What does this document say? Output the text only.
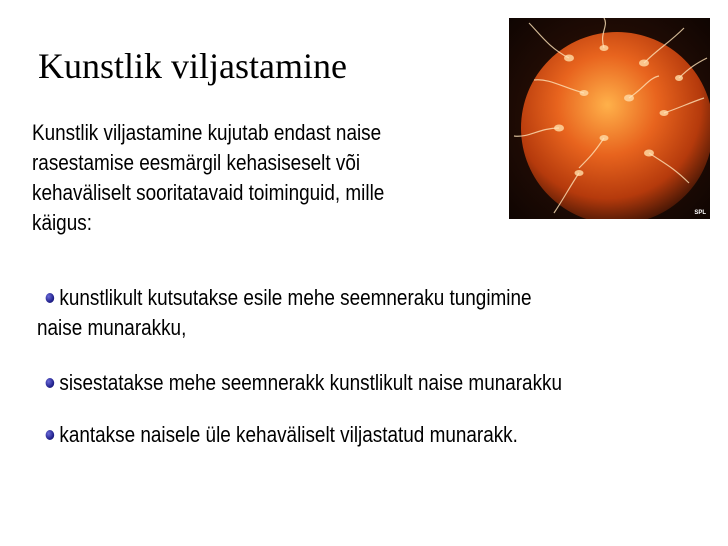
Kunstlik viljastamine
SPL
Kunstlik viljastamine kujutab endast naise rasestamise eesmärgil kehasiseselt või kehaväliselt sooritatavaid toiminguid, mille käigus:
kunstlikult kutsutakse esile mehe seemneraku tungimine
naise munarakku,
sisestatakse mehe seemnerakk kunstlikult naise munarakku
kantakse naisele üle kehaväliselt viljastatud munarakk.
